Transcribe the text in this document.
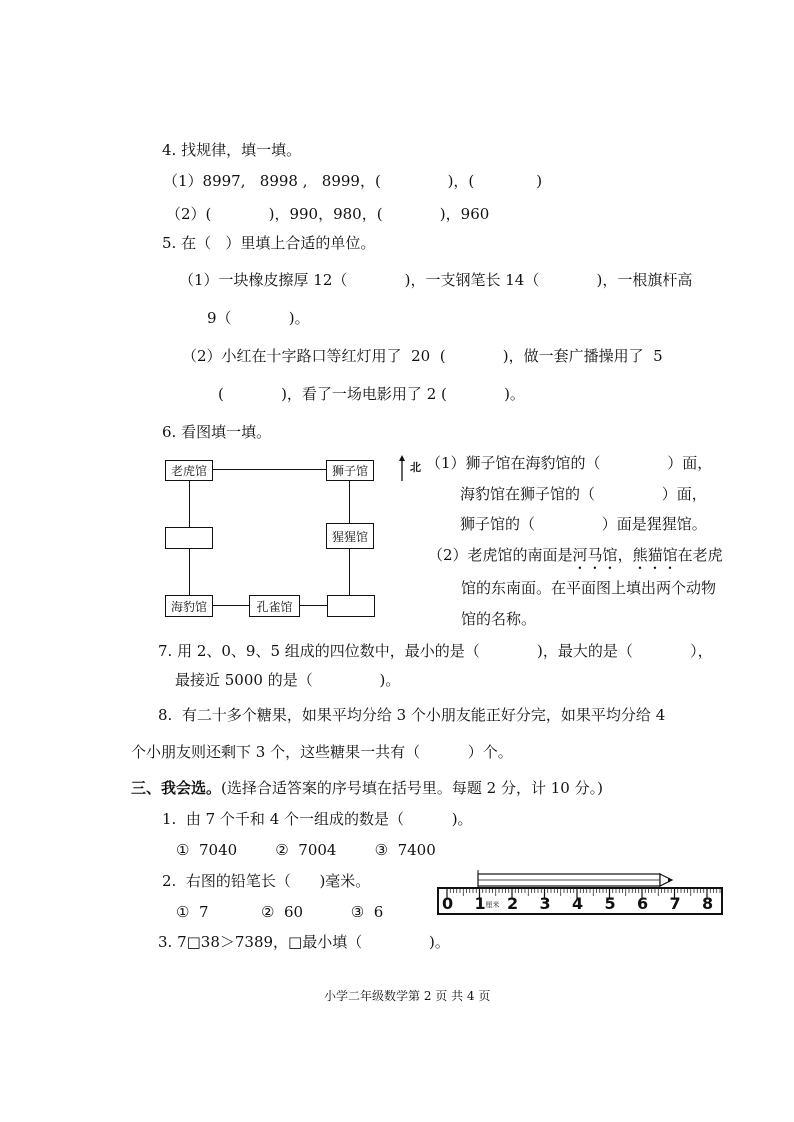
4. 找规律，填一填。
（1）8997,   8998 ,   8999，(              )，(             )
（2）(            )，990，980，(            )，960
5. 在（   ）里填上合适的单位。
（1）一块橡皮擦厚 12（            )，一支钢笔长 14（            )，一根旗杆高
9（            )。
（2）小红在十字路口等红灯用了  20  (            )，做一套广播操用了  5
(            )，看了一场电影用了 2 (            )。
6. 看图填一填。
老虎馆	狮子馆
猩猩馆
海豹馆	孔雀馆
北 （1）狮子馆在海豹馆的（              ）面，
海豹馆在狮子馆的（              ）面，
狮子馆的（              ）面是猩猩馆。
（2）老虎馆的南面是河马馆，熊猫馆在老虎
馆的东南面。在平面图上填出两个动物
馆的名称。
7. 用 2、0、9、5 组成的四位数中，最小的是（            )，最大的是（            ），
最接近 5000 的是（              )。
8.  有二十多个糖果，如果平均分给 3 个小朋友能正好分完，如果平均分给 4
个小朋友则还剩下 3 个，这些糖果一共有（          ）个。
三、我会选。(选择合适答案的序号填在括号里。每题 2 分，计 10 分。)
1.  由 7 个千和 4 个一组成的数是（          )。
①  7040        ②  7004        ③  7400
2.  右图的铅笔长（      )毫米。
①  7           ②  60          ③  6
3. 7□38＞7389，□最小填（              )。
0 1 2 3 4 5 6 7 8
厘米
小学二年级数学第 2 页 共 4 页
